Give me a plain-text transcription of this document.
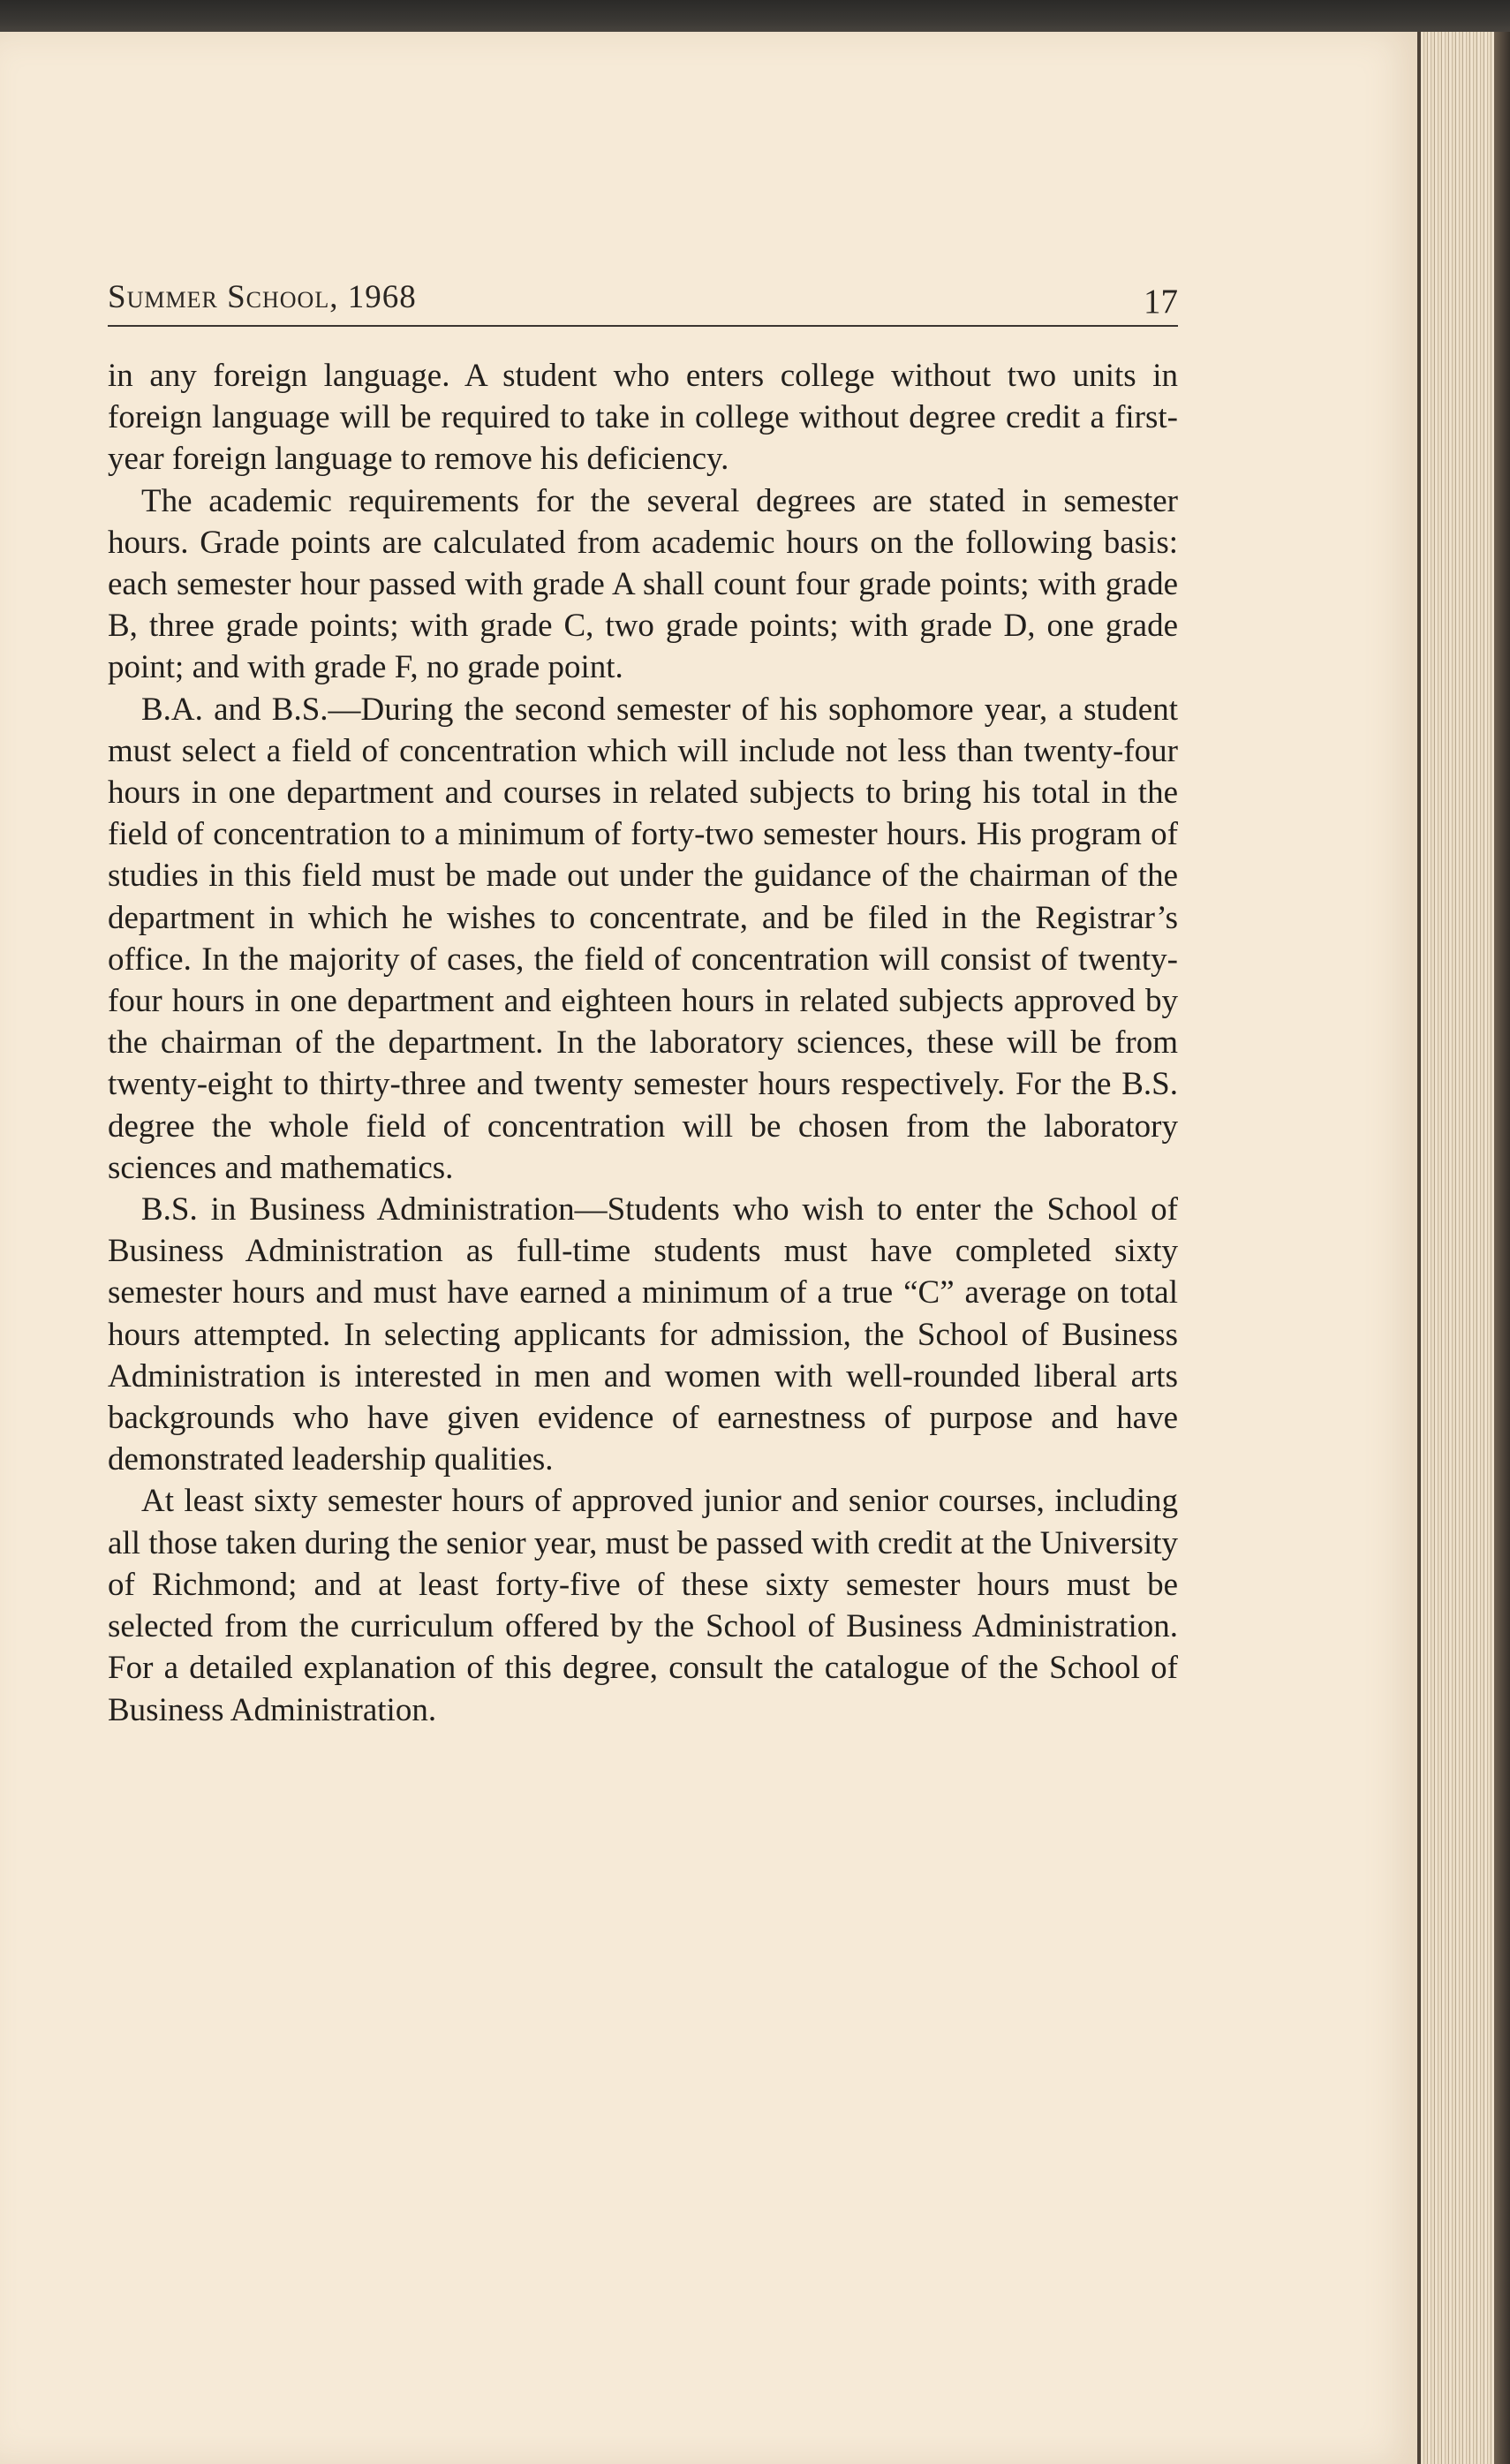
Summer School, 1968	17

in any foreign language. A student who enters college without two units in foreign language will be required to take in college without degree credit a first-year foreign language to remove his deficiency.

The academic requirements for the several degrees are stated in semester hours. Grade points are calculated from academic hours on the following basis: each semester hour passed with grade A shall count four grade points; with grade B, three grade points; with grade C, two grade points; with grade D, one grade point; and with grade F, no grade point.

B.A. and B.S.—During the second semester of his sophomore year, a student must select a field of concentration which will include not less than twenty-four hours in one department and courses in related subjects to bring his total in the field of concentration to a minimum of forty-two semester hours. His program of studies in this field must be made out under the guidance of the chairman of the department in which he wishes to concentrate, and be filed in the Registrar’s office. In the majority of cases, the field of concentration will consist of twenty-four hours in one department and eighteen hours in related subjects approved by the chairman of the department. In the laboratory sciences, these will be from twenty-eight to thirty-three and twenty semester hours respectively. For the B.S. degree the whole field of concentration will be chosen from the laboratory sciences and mathematics.

B.S. in Business Administration—Students who wish to enter the School of Business Administration as full-time students must have completed sixty semester hours and must have earned a minimum of a true “C” average on total hours attempted. In selecting applicants for admission, the School of Business Administration is interested in men and women with well-rounded liberal arts backgrounds who have given evidence of earnestness of purpose and have demonstrated leadership qualities.

At least sixty semester hours of approved junior and senior courses, including all those taken during the senior year, must be passed with credit at the University of Richmond; and at least forty-five of these sixty semester hours must be selected from the curriculum offered by the School of Business Administration. For a detailed explanation of this degree, consult the catalogue of the School of Business Administration.
